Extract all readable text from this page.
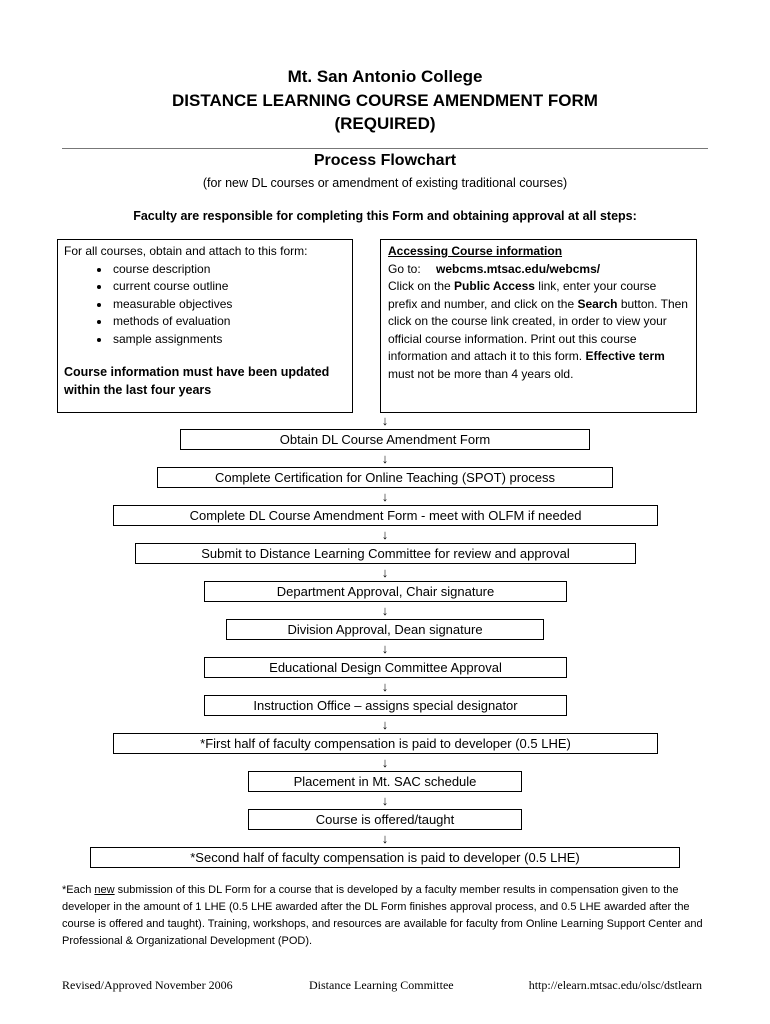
Mt. San Antonio College
DISTANCE LEARNING COURSE AMENDMENT FORM
(REQUIRED)
Process Flowchart
(for new DL courses or amendment of existing traditional courses)
Faculty are responsible for completing this Form and obtaining approval at all steps:
For all courses, obtain and attach to this form:
• course description
• current course outline
• measurable objectives
• methods of evaluation
• sample assignments
Course information must have been updated within the last four years
Accessing Course information
Go to: webcms.mtsac.edu/webcms/
Click on the Public Access link, enter your course prefix and number, and click on the Search button. Then click on the course link created, in order to view your official course information. Print out this course information and attach it to this form. Effective term must not be more than 4 years old.
↓
Obtain DL Course Amendment Form
↓
Complete Certification for Online Teaching (SPOT) process
↓
Complete DL Course Amendment Form - meet with OLFM if needed
↓
Submit to Distance Learning Committee for review and approval
↓
Department Approval, Chair signature
↓
Division Approval, Dean signature
↓
Educational Design Committee Approval
↓
Instruction Office – assigns special designator
↓
*First half of faculty compensation is paid to developer (0.5 LHE)
↓
Placement in Mt. SAC schedule
↓
Course is offered/taught
↓
*Second half of faculty compensation is paid to developer (0.5 LHE)
*Each new submission of this DL Form for a course that is developed by a faculty member results in compensation given to the developer in the amount of 1 LHE (0.5 LHE awarded after the DL Form finishes approval process, and 0.5 LHE awarded after the course is offered and taught). Training, workshops, and resources are available for faculty from Online Learning Support Center and Professional & Organizational Development (POD).
Revised/Approved November 2006	Distance Learning Committee	http://elearn.mtsac.edu/olsc/dstlearn
